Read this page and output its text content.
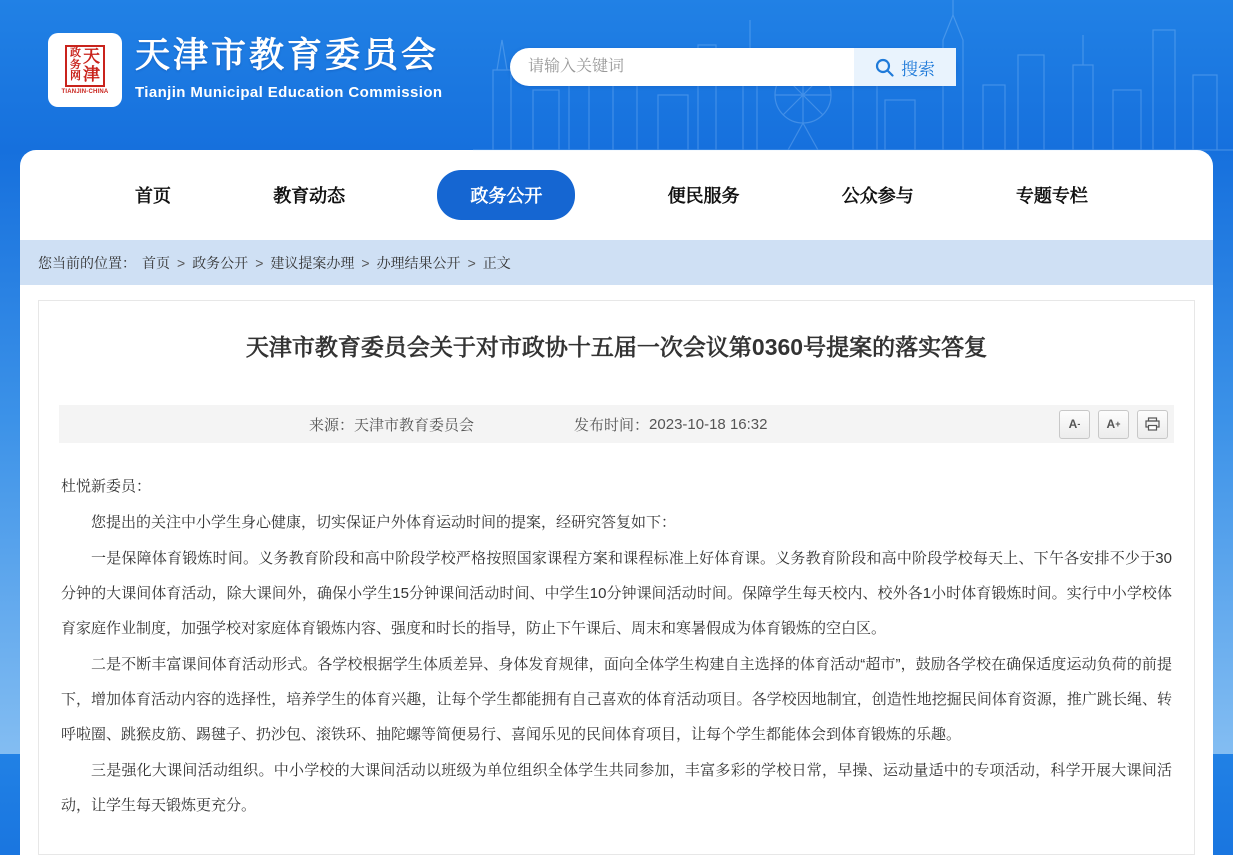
天
津
政
务
网
TIANJIN-CHINA
天津市教育委员会
Tianjin Municipal Education Commission
请输入关键词
搜索
首页	教育动态	政务公开	便民服务	公众参与	专题专栏
您当前的位置： 首页 > 政务公开 > 建议提案办理 > 办理结果公开 > 正文
天津市教育委员会关于对市政协十五届一次会议第0360号提案的落实答复
来源： 天津市教育委员会	发布时间： 2023-10-18 16:32	A - A +

杜悦新委员：

您提出的关注中小学生身心健康，切实保证户外体育运动时间的提案，经研究答复如下：

一是保障体育锻炼时间。义务教育阶段和高中阶段学校严格按照国家课程方案和课程标准上好体育课。义务教育阶段和高中阶段学校每天上、下午各安排不少于30分钟的大课间体育活动，除大课间外，确保小学生15分钟课间活动时间、中学生10分钟课间活动时间。保障学生每天校内、校外各1小时体育锻炼时间。实行中小学校体育家庭作业制度，加强学校对家庭体育锻炼内容、强度和时长的指导，防止下午课后、周末和寒暑假成为体育锻炼的空白区。

二是不断丰富课间体育活动形式。各学校根据学生体质差异、身体发育规律，面向全体学生构建自主选择的体育活动“超市”，鼓励各学校在确保适度运动负荷的前提下，增加体育活动内容的选择性，培养学生的体育兴趣，让每个学生都能拥有自己喜欢的体育活动项目。各学校因地制宜，创造性地挖掘民间体育资源，推广跳长绳、转呼啦圈、跳猴皮筋、踢毽子、扔沙包、滚铁环、抽陀螺等简便易行、喜闻乐见的民间体育项目，让每个学生都能体会到体育锻炼的乐趣。

三是强化大课间活动组织。中小学校的大课间活动以班级为单位组织全体学生共同参加，丰富多彩的学校日常，早操、运动量适中的专项活动，科学开展大课间活动，让学生每天锻炼更充分。
